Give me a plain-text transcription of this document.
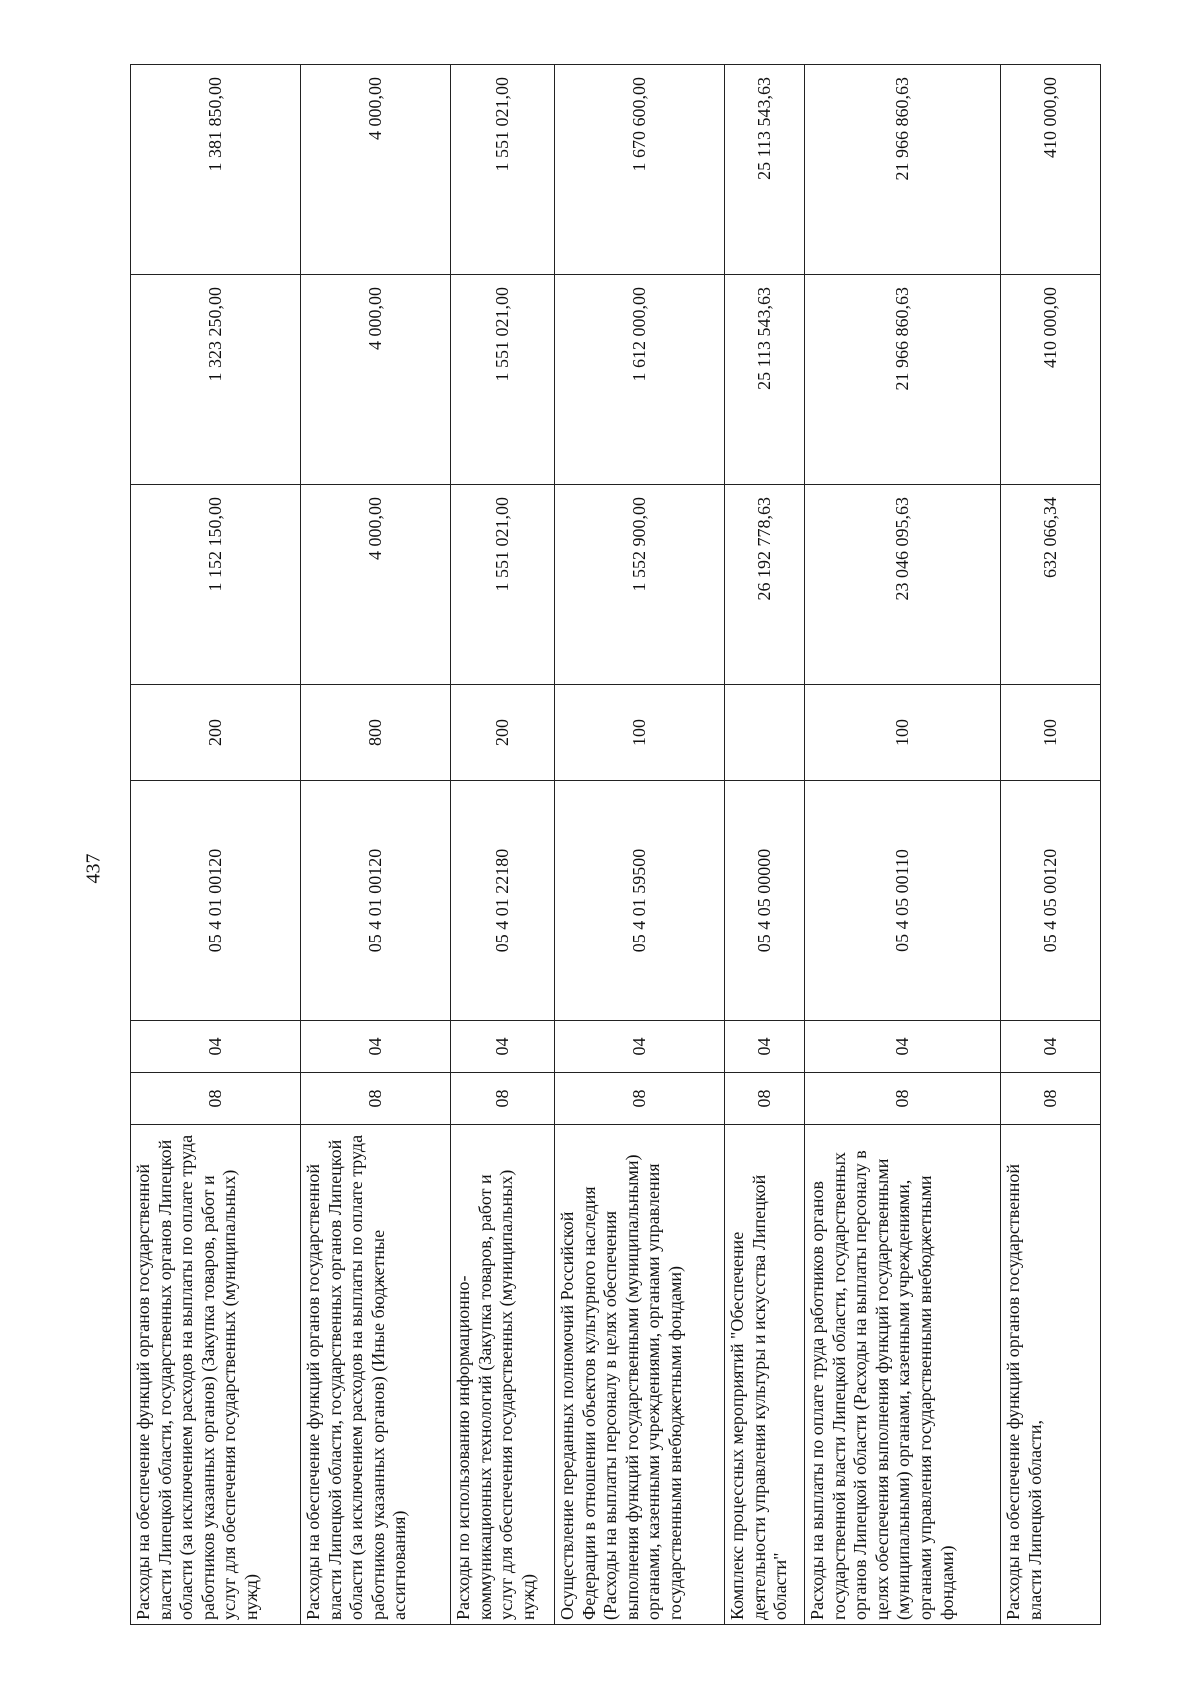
437
Расходы на обеспечение функций органов государственной власти Липецкой области, государственных органов Липецкой области (за исключением расходов на выплаты по оплате труда работников указанных органов) (Закупка товаров, работ и услуг для обеспечения государственных (муниципальных) нужд)	08	04	05 4 01 00120	200	1 152 150,00	1 323 250,00	1 381 850,00
Расходы на обеспечение функций органов государственной власти Липецкой области, государственных органов Липецкой области (за исключением расходов на выплаты по оплате труда работников указанных органов) (Иные бюджетные ассигнования)	08	04	05 4 01 00120	800	4 000,00	4 000,00	4 000,00
Расходы по использованию информационно-коммуникационных технологий (Закупка товаров, работ и услуг для обеспечения государственных (муниципальных) нужд)	08	04	05 4 01 22180	200	1 551 021,00	1 551 021,00	1 551 021,00
Осуществление переданных полномочий Российской Федерации в отношении объектов культурного наследия (Расходы на выплаты персоналу в целях обеспечения выполнения функций государственными (муниципальными) органами, казенными учреждениями, органами управления государственными внебюджетными фондами)	08	04	05 4 01 59500	100	1 552 900,00	1 612 000,00	1 670 600,00
Комплекс процессных мероприятий "Обеспечение деятельности управления культуры и искусства Липецкой области"	08	04	05 4 05 00000		26 192 778,63	25 113 543,63	25 113 543,63
Расходы на выплаты по оплате труда работников органов государственной власти Липецкой области, государственных органов Липецкой области (Расходы на выплаты персоналу в целях обеспечения выполнения функций государственными (муниципальными) органами, казенными учреждениями, органами управления государственными внебюджетными фондами)	08	04	05 4 05 00110	100	23 046 095,63	21 966 860,63	21 966 860,63
Расходы на обеспечение функций органов государственной власти Липецкой области,	08	04	05 4 05 00120	100	632 066,34	410 000,00	410 000,00
